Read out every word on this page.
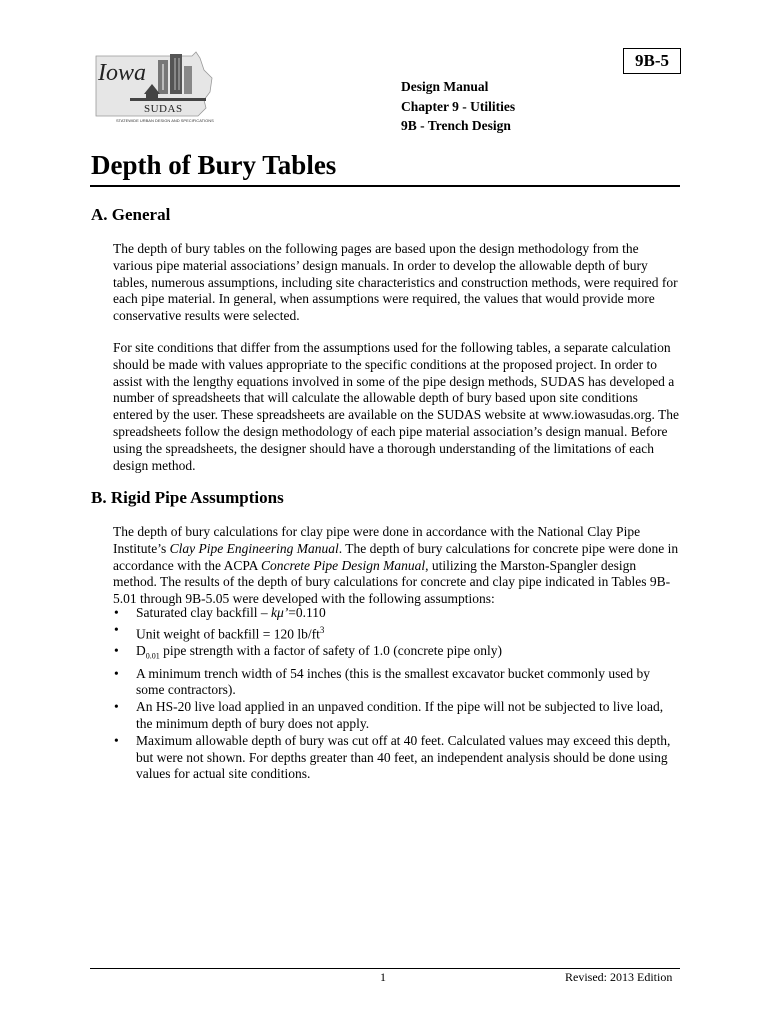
Iowa
SUDAS
STATEWIDE URBAN DESIGN AND SPECIFICATIONS
9B-5
Design Manual
Chapter 9 - Utilities
9B - Trench Design
Depth of Bury Tables
A. General

The depth of bury tables on the following pages are based upon the design methodology from the various pipe material associations’ design manuals. In order to develop the allowable depth of bury tables, numerous assumptions, including site characteristics and construction methods, were required for each pipe material. In general, when assumptions were required, the values that would provide more conservative results were selected.

For site conditions that differ from the assumptions used for the following tables, a separate calculation should be made with values appropriate to the specific conditions at the proposed project. In order to assist with the lengthy equations involved in some of the pipe design methods, SUDAS has developed a number of spreadsheets that will calculate the allowable depth of bury based upon site conditions entered by the user. These spreadsheets are available on the SUDAS website at www.iowasudas.org. The spreadsheets follow the design methodology of each pipe material association’s design manual. Before using the spreadsheets, the designer should have a thorough understanding of the limitations of each design method.

B. Rigid Pipe Assumptions

The depth of bury calculations for clay pipe were done in accordance with the National Clay Pipe Institute’s Clay Pipe Engineering Manual. The depth of bury calculations for concrete pipe were done in accordance with the ACPA Concrete Pipe Design Manual, utilizing the Marston-Spangler design method. The results of the depth of bury calculations for concrete and clay pipe indicated in Tables 9B-5.01 through 9B-5.05 were developed with the following assumptions:

• Saturated clay backfill – kμ’=0.110
• Unit weight of backfill = 120 $lb/ft^3$
• $D_{0.01}$ pipe strength with a factor of safety of 1.0 (concrete pipe only)
• A minimum trench width of 54 inches (this is the smallest excavator bucket commonly used by some contractors).
• An HS-20 live load applied in an unpaved condition. If the pipe will not be subjected to live load, the minimum depth of bury does not apply.
• Maximum allowable depth of bury was cut off at 40 feet. Calculated values may exceed this depth, but were not shown. For depths greater than 40 feet, an independent analysis should be done using values for actual site conditions.
1	Revised: 2013 Edition
